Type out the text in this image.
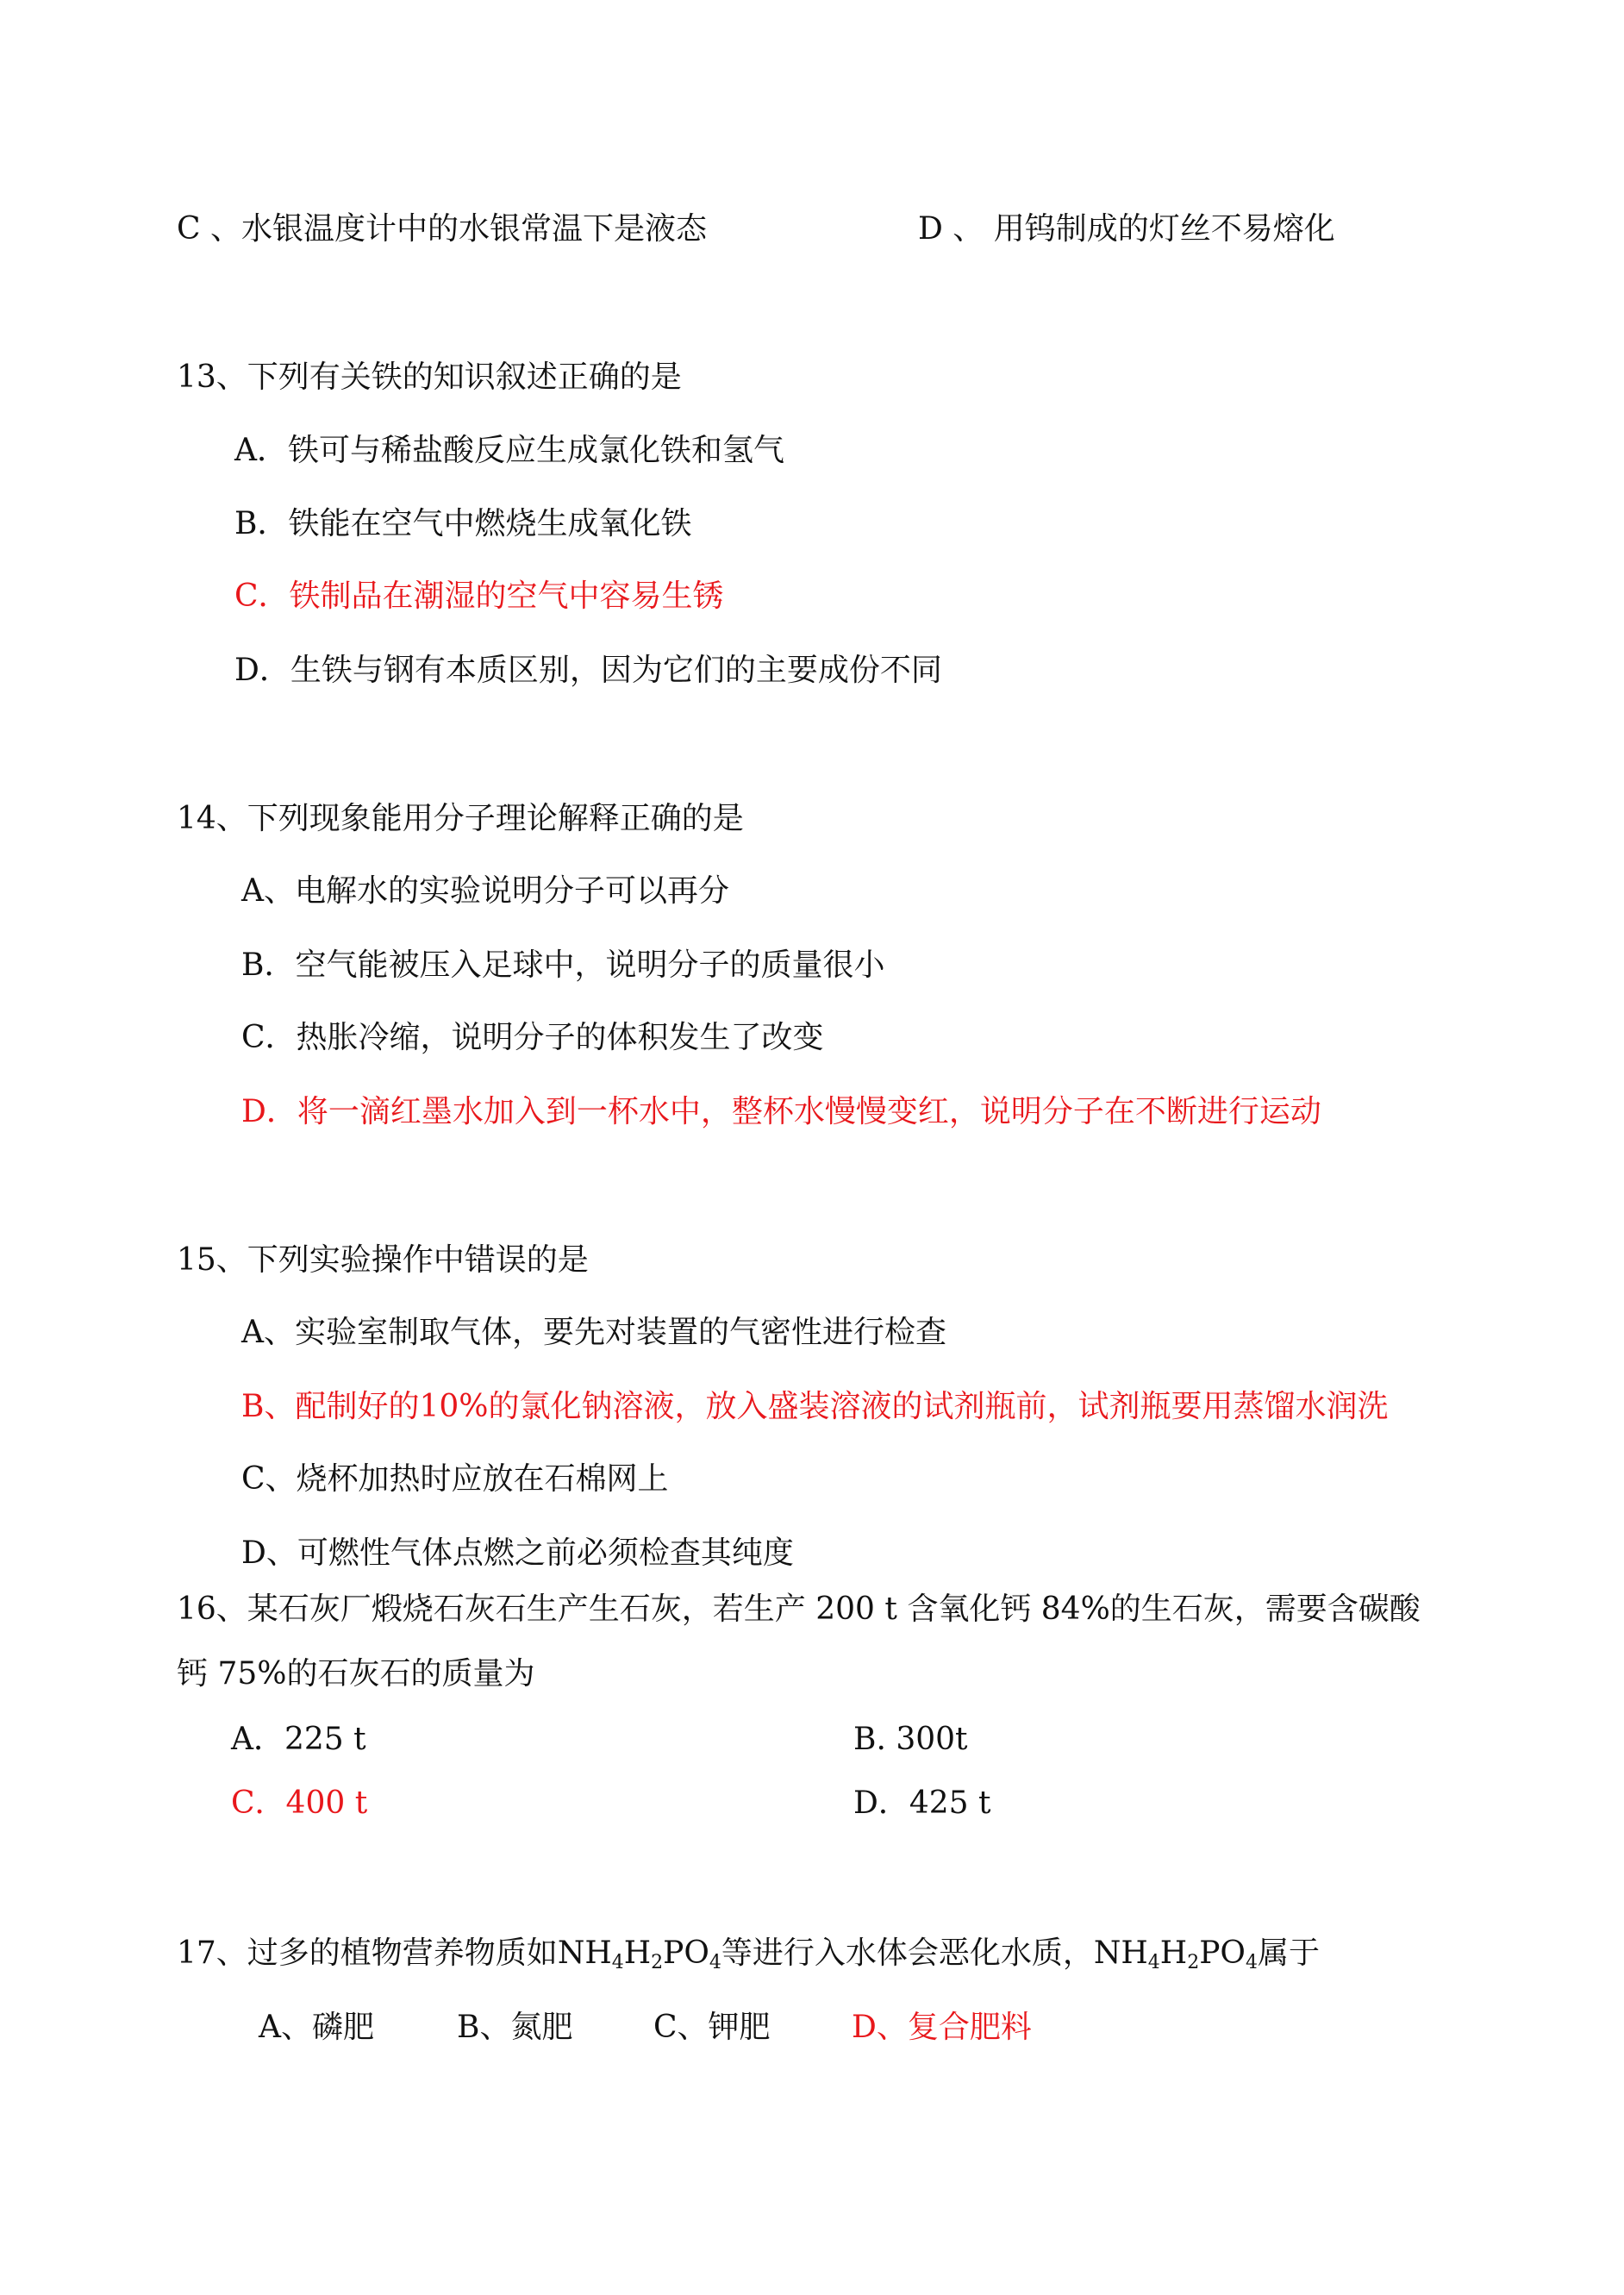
C 、水银温度计中的水银常温下是液态	D 、 用钨制成的灯丝不易熔化

13、下列有关铁的知识叙述正确的是

A．铁可与稀盐酸反应生成氯化铁和氢气

B．铁能在空气中燃烧生成氧化铁

C．铁制品在潮湿的空气中容易生锈

D．生铁与钢有本质区别，因为它们的主要成份不同

14、下列现象能用分子理论解释正确的是

A、电解水的实验说明分子可以再分

B．空气能被压入足球中，说明分子的质量很小

C．热胀冷缩，说明分子的体积发生了改变

D．将一滴红墨水加入到一杯水中，整杯水慢慢变红，说明分子在不断进行运动

15、下列实验操作中错误的是

A、实验室制取气体，要先对装置的气密性进行检查

B、配制好的10%的氯化钠溶液，放入盛装溶液的试剂瓶前，试剂瓶要用蒸馏水润洗

C、烧杯加热时应放在石棉网上

D、可燃性气体点燃之前必须检查其纯度

16、某石灰厂煅烧石灰石生产生石灰，若生产 200 t 含氧化钙 84%的生石灰，需要含碳酸

钙 75%的石灰石的质量为

A．225 t	B. 300t

C．400 t	D．425 t

17、过多的植物营养物质如$NH_4H_2PO_4$等进行入水体会恶化水质，$NH_4H_2PO_4$属于

A、磷肥	B、氮肥	C、钾肥	D、复合肥料
